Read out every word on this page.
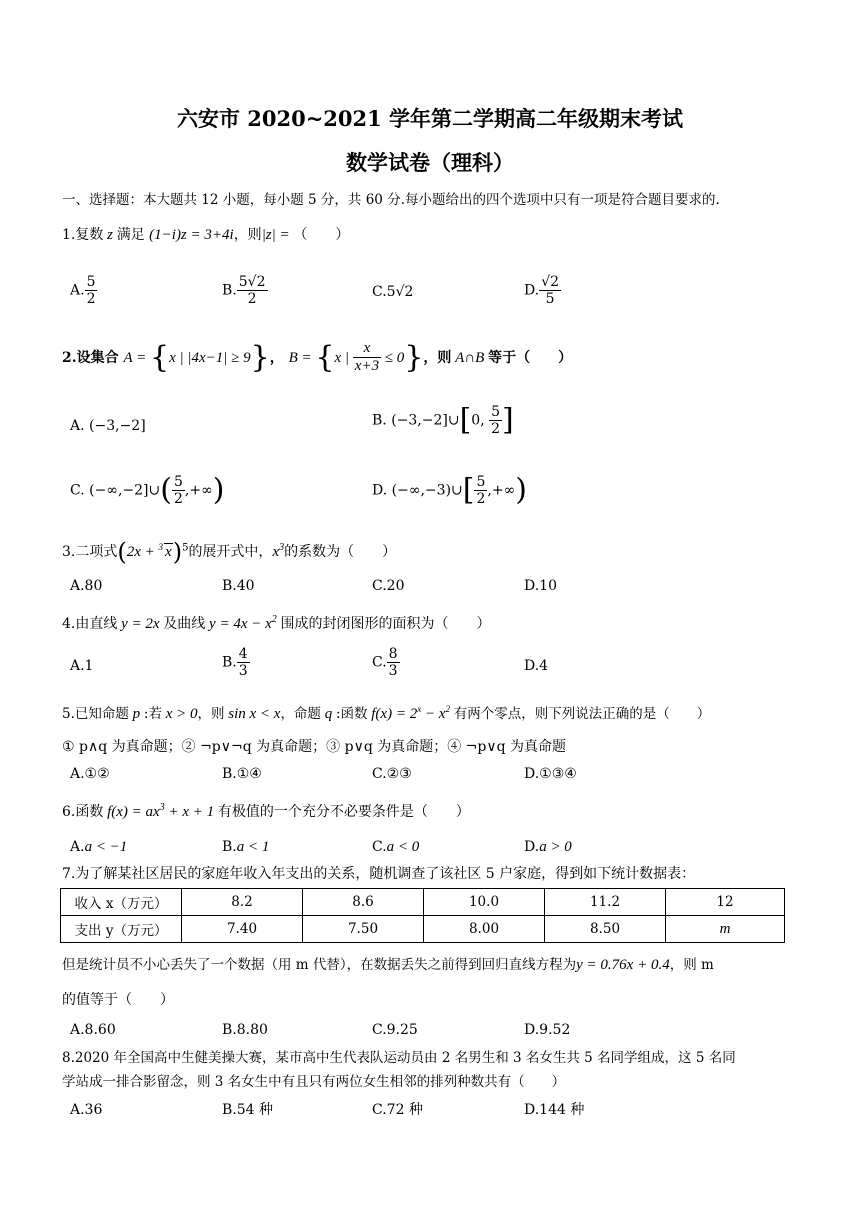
六安市 2020~2021 学年第二学期高二年级期末考试
数学试卷（理科）
一、选择题：本大题共 12 小题，每小题 5 分，共 60 分.每小题给出的四个选项中只有一项是符合题目要求的.
1.复数 z 满足 (1−i)z = 3+4i，则|z| = （　　）
A. $\frac{5}{2}$	B. $\frac{5√2}{2}$	C.5√2	D. $\frac{√2}{5}$
2.设集合 A = {x | |4x−1| ≥ 9}， B = {x | $\frac{x}{x+3} \le 0$}，则 A∩B 等于（　　）
A. (−3,−2]	B. (−3,−2]∪[0, $\frac{5}{2}$ ]
C. (−∞,−2]∪( $\frac{5}{2}$ ,+∞)	D. (−∞,−3)∪[ $\frac{5}{2}$ ,+∞)
3.二项式(2x + $^3$ x)$^5$的展开式中，$x^3$的系数为（　　）
A.80	B.40	C.20	D.10
4.由直线 y = 2x 及曲线 $y = 4x - x^2$ 围成的封闭图形的面积为（　　）
A.1	B. $\frac{4}{3}$	C. $\frac{8}{3}$	D.4
5.已知命题 p :若 x > 0，则 sin x < x，命题 q :函数 $f(x) = 2^x - x^2$ 有两个零点，则下列说法正确的是（　　）
① p∧q 为真命题；② ¬p∨¬q 为真命题；③ p∨q 为真命题；④ ¬p∨q 为真命题
A.①②	B.①④	C.②③	D.①③④
6.函数 $f(x) = ax^3 + x + 1$ 有极值的一个充分不必要条件是（　　）
A.a < −1	B.a < 1	C.a < 0	D.a > 0
7.为了解某社区居民的家庭年收入年支出的关系，随机调查了该社区 5 户家庭，得到如下统计数据表：
收入 x（万元）	8.2	8.6	10.0	11.2	12
支出 y（万元）	7.40	7.50	8.00	8.50	m
但是统计员不小心丢失了一个数据（用 m 代替），在数据丢失之前得到回归直线方程为y = 0.76x + 0.4，则 m
的值等于（　　）
A.8.60	B.8.80	C.9.25	D.9.52
8.2020 年全国高中生健美操大赛，某市高中生代表队运动员由 2 名男生和 3 名女生共 5 名同学组成，这 5 名同
学站成一排合影留念，则 3 名女生中有且只有两位女生相邻的排列种数共有（　　）
A.36	B.54 种	C.72 种	D.144 种
